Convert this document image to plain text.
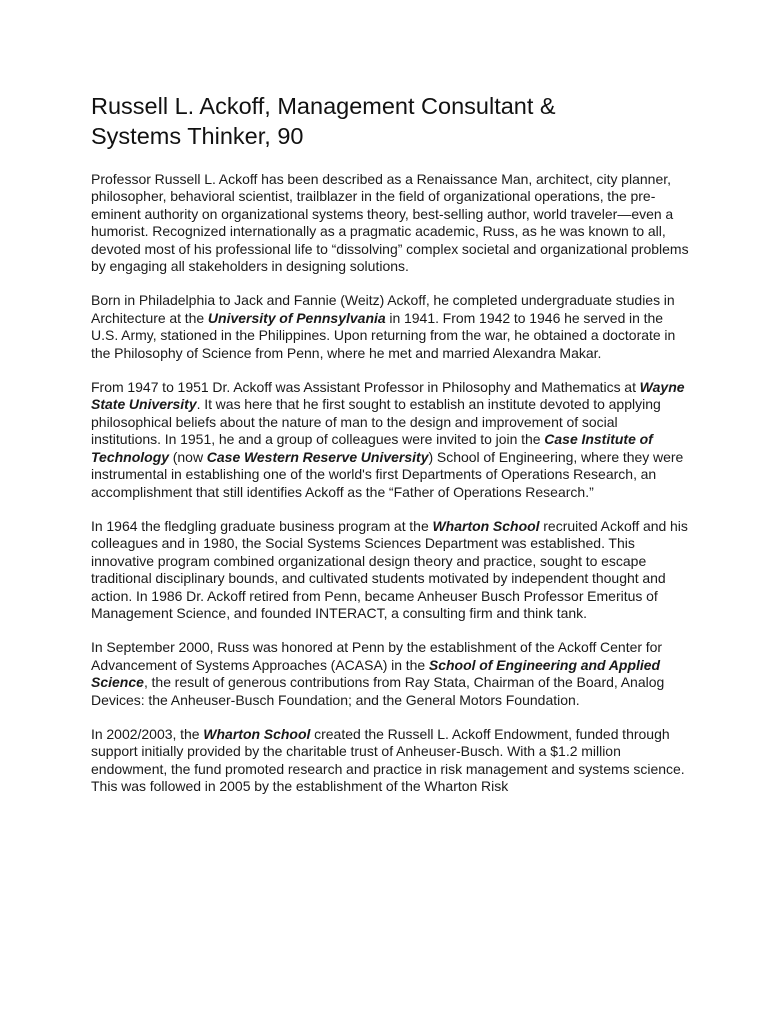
Russell L. Ackoff, Management Consultant &
Systems Thinker, 90

Professor Russell L. Ackoff has been described as a Renaissance Man, architect, city planner, philosopher, behavioral scientist, trailblazer in the field of organizational operations, the pre-eminent authority on organizational systems theory, best-selling author, world traveler—even a humorist. Recognized internationally as a pragmatic academic, Russ, as he was known to all, devoted most of his professional life to “dissolving” complex societal and organizational problems by engaging all stakeholders in designing solutions.

Born in Philadelphia to Jack and Fannie (Weitz) Ackoff, he completed undergraduate studies in Architecture at the University of Pennsylvania in 1941. From 1942 to 1946 he served in the U.S. Army, stationed in the Philippines. Upon returning from the war, he obtained a doctorate in the Philosophy of Science from Penn, where he met and married Alexandra Makar.

From 1947 to 1951 Dr. Ackoff was Assistant Professor in Philosophy and Mathematics at Wayne State University. It was here that he first sought to establish an institute devoted to applying philosophical beliefs about the nature of man to the design and improvement of social institutions. In 1951, he and a group of colleagues were invited to join the Case Institute of Technology (now Case Western Reserve University) School of Engineering, where they were instrumental in establishing one of the world's first Departments of Operations Research, an accomplishment that still identifies Ackoff as the “Father of Operations Research.”

In 1964 the fledgling graduate business program at the Wharton School recruited Ackoff and his colleagues and in 1980, the Social Systems Sciences Department was established. This innovative program combined organizational design theory and practice, sought to escape traditional disciplinary bounds, and cultivated students motivated by independent thought and action. In 1986 Dr. Ackoff retired from Penn, became Anheuser Busch Professor Emeritus of Management Science, and founded INTERACT, a consulting firm and think tank.

In September 2000, Russ was honored at Penn by the establishment of the Ackoff Center for Advancement of Systems Approaches (ACASA) in the School of Engineering and Applied Science, the result of generous contributions from Ray Stata, Chairman of the Board, Analog Devices: the Anheuser-Busch Foundation; and the General Motors Foundation.

In 2002/2003, the Wharton School created the Russell L. Ackoff Endowment, funded through support initially provided by the charitable trust of Anheuser-Busch. With a $1.2 million endowment, the fund promoted research and practice in risk management and systems science. This was followed in 2005 by the establishment of the Wharton Risk
